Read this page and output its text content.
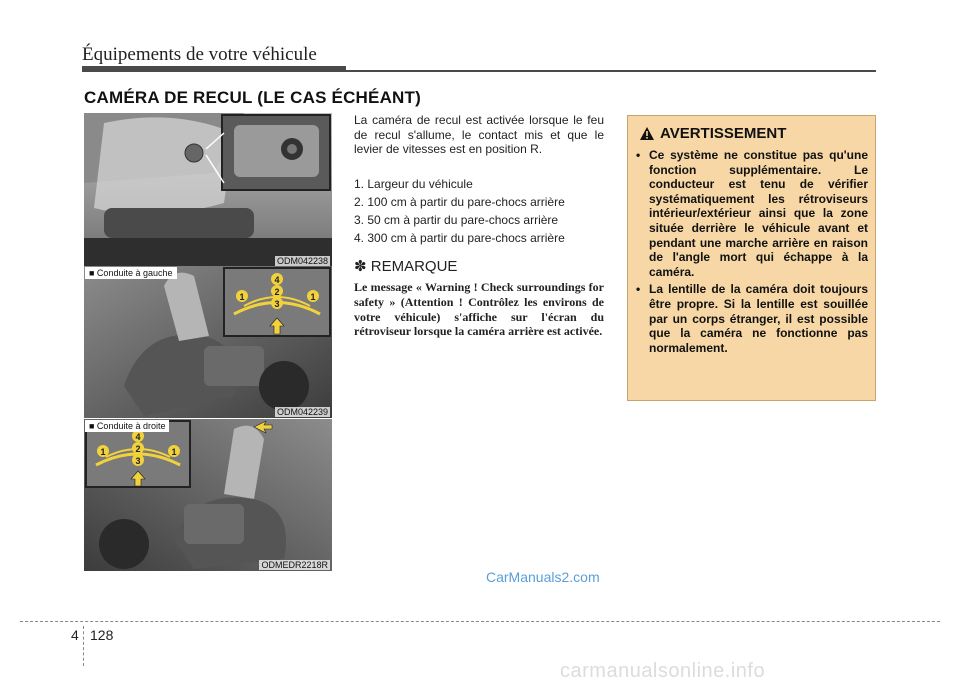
Équipements de votre véhicule
CAMÉRA DE RECUL (LE CAS ÉCHÉANT)
ODM042238
4
2
3
1	1
■ Conduite à gauche
ODM042239
4
2
3
1	1
■ Conduite à droite
ODMEDR2218R
La caméra de recul est activée lorsque le feu de recul s'allume, le contact mis et que le levier de vitesses est en position R.
1. Largeur du véhicule
2. 100 cm à partir du pare-chocs arrière
3. 50 cm à partir du pare-chocs arrière
4. 300 cm à partir du pare-chocs arrière
✽ REMARQUE
Le message « Warning ! Check surroundings for safety » (Attention ! Contrôlez les environs de votre véhicule) s'affiche sur l'écran du rétroviseur lorsque la caméra arrière est activée.
AVERTISSEMENT
• Ce système ne constitue pas qu'une fonction supplémentaire. Le conducteur est tenu de vérifier systématiquement les rétroviseurs intérieur/extérieur ainsi que la zone située derrière le véhicule avant et pendant une marche arrière en raison de l'angle mort qui échappe à la caméra.
• La lentille de la caméra doit toujours être propre. Si la lentille est souillée par un corps étranger, il est possible que la caméra ne fonctionne pas normalement.
CarManuals2.com
4 128
carmanualsonline.info
